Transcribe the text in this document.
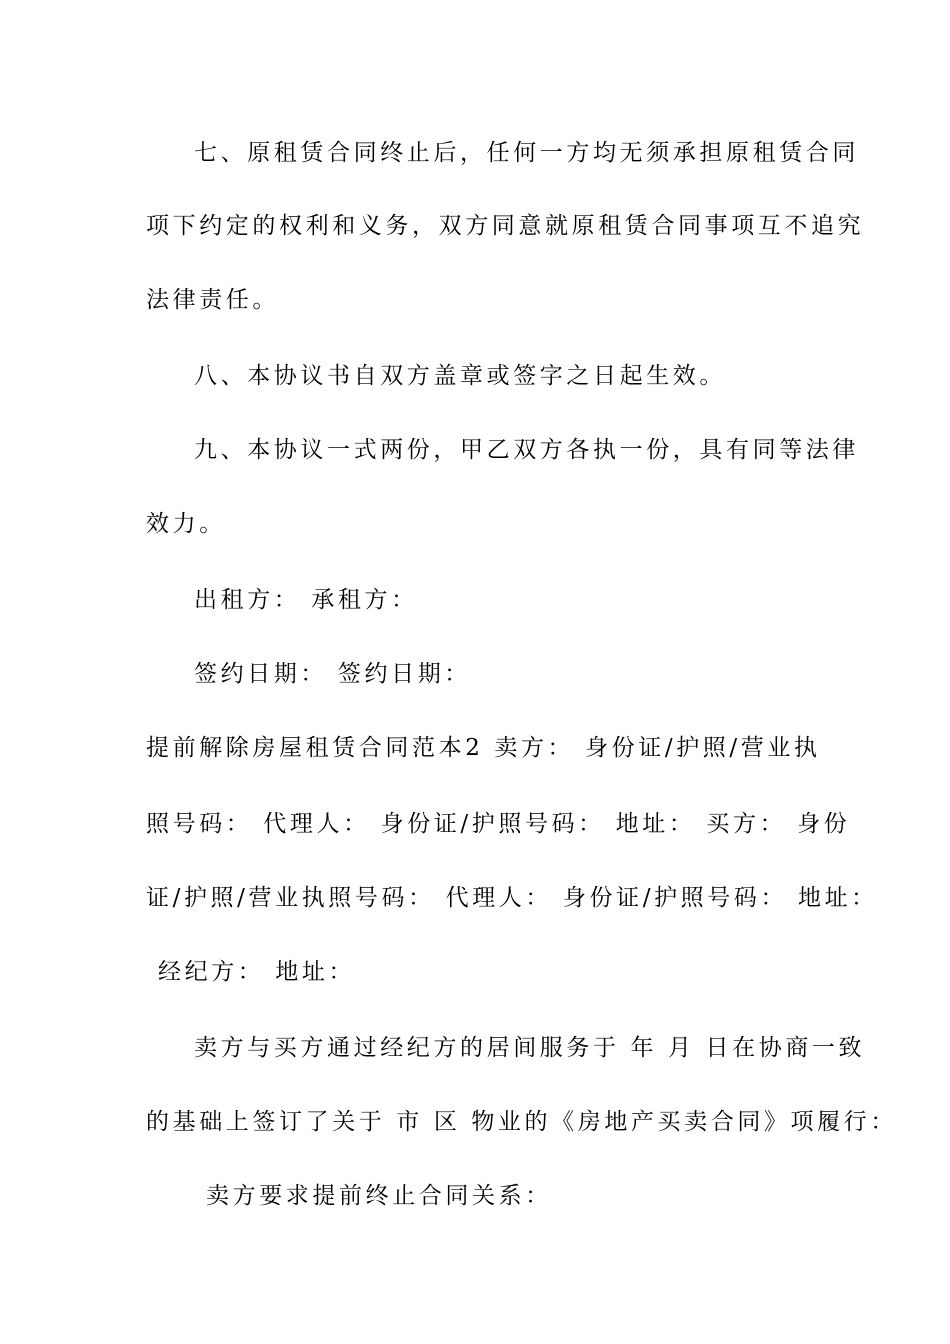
七、原租赁合同终止后，任何一方均无须承担原租赁合同
项下约定的权利和义务，双方同意就原租赁合同事项互不追究
法律责任。
八、本协议书自双方盖章或签字之日起生效。
九、本协议一式两份，甲乙双方各执一份，具有同等法律
效力。
出租方： 承租方：
签约日期： 签约日期：
提前解除房屋租赁合同范本2 卖方： 身份证/护照/营业执
照号码： 代理人： 身份证/护照号码： 地址： 买方： 身份
证/护照/营业执照号码： 代理人： 身份证/护照号码： 地址：
经纪方： 地址：
卖方与买方通过经纪方的居间服务于 年 月 日在协商一致
的基础上签订了关于 市 区 物业的《房地产买卖合同》项履行：
卖方要求提前终止合同关系：
